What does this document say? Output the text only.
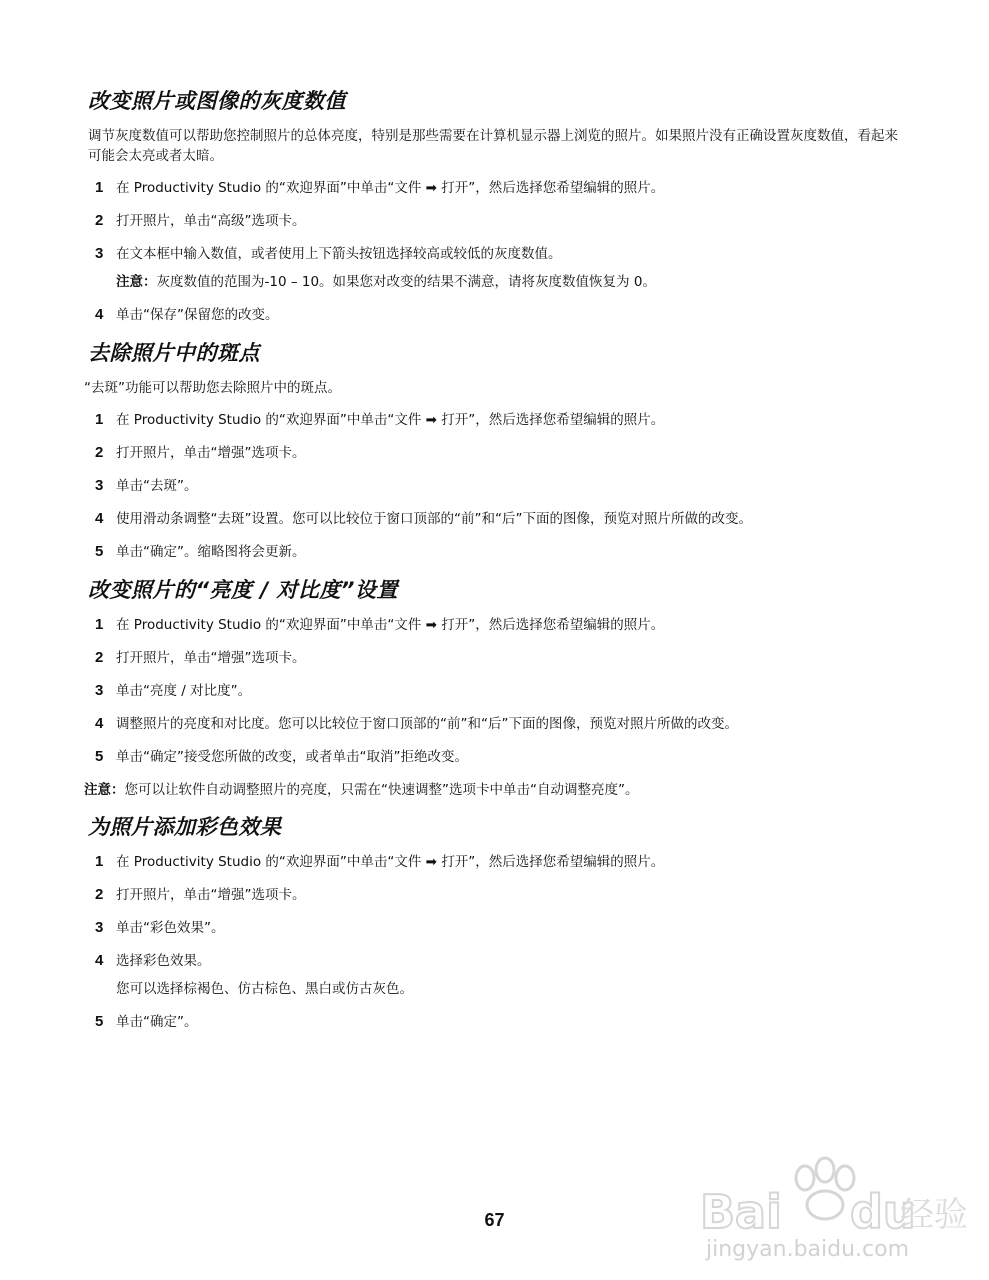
改变照片或图像的灰度数值

调节灰度数值可以帮助您控制照片的总体亮度，特别是那些需要在计算机显示器上浏览的照片。如果照片没有正确设置灰度数值，看起来可能会太亮或者太暗。

1 在 Productivity Studio 的“欢迎界面”中单击“文件 ➡ 打开”，然后选择您希望编辑的照片。
2 打开照片，单击“高级”选项卡。
3 在文本框中输入数值，或者使用上下箭头按钮选择较高或较低的灰度数值。
注意：灰度数值的范围为-10 – 10。如果您对改变的结果不满意，请将灰度数值恢复为 0。
4 单击“保存”保留您的改变。
去除照片中的斑点

“去斑”功能可以帮助您去除照片中的斑点。

1 在 Productivity Studio 的“欢迎界面”中单击“文件 ➡ 打开”，然后选择您希望编辑的照片。
2 打开照片，单击“增强”选项卡。
3 单击“去斑”。
4 使用滑动条调整“去斑”设置。您可以比较位于窗口顶部的“前”和“后”下面的图像，预览对照片所做的改变。
5 单击“确定”。缩略图将会更新。
改变照片的“亮度 / 对比度”设置
1 在 Productivity Studio 的“欢迎界面”中单击“文件 ➡ 打开”，然后选择您希望编辑的照片。
2 打开照片，单击“增强”选项卡。
3 单击“亮度 / 对比度”。
4 调整照片的亮度和对比度。您可以比较位于窗口顶部的“前”和“后”下面的图像，预览对照片所做的改变。
5 单击“确定”接受您所做的改变，或者单击“取消”拒绝改变。

注意：您可以让软件自动调整照片的亮度，只需在“快速调整”选项卡中单击“自动调整亮度”。

为照片添加彩色效果
1 在 Productivity Studio 的“欢迎界面”中单击“文件 ➡ 打开”，然后选择您希望编辑的照片。
2 打开照片，单击“增强”选项卡。
3 单击“彩色效果”。
4 选择彩色效果。
您可以选择棕褐色、仿古棕色、黑白或仿古灰色。
5 单击“确定”。
67	Bai du
经验
jingyan.baidu.com
